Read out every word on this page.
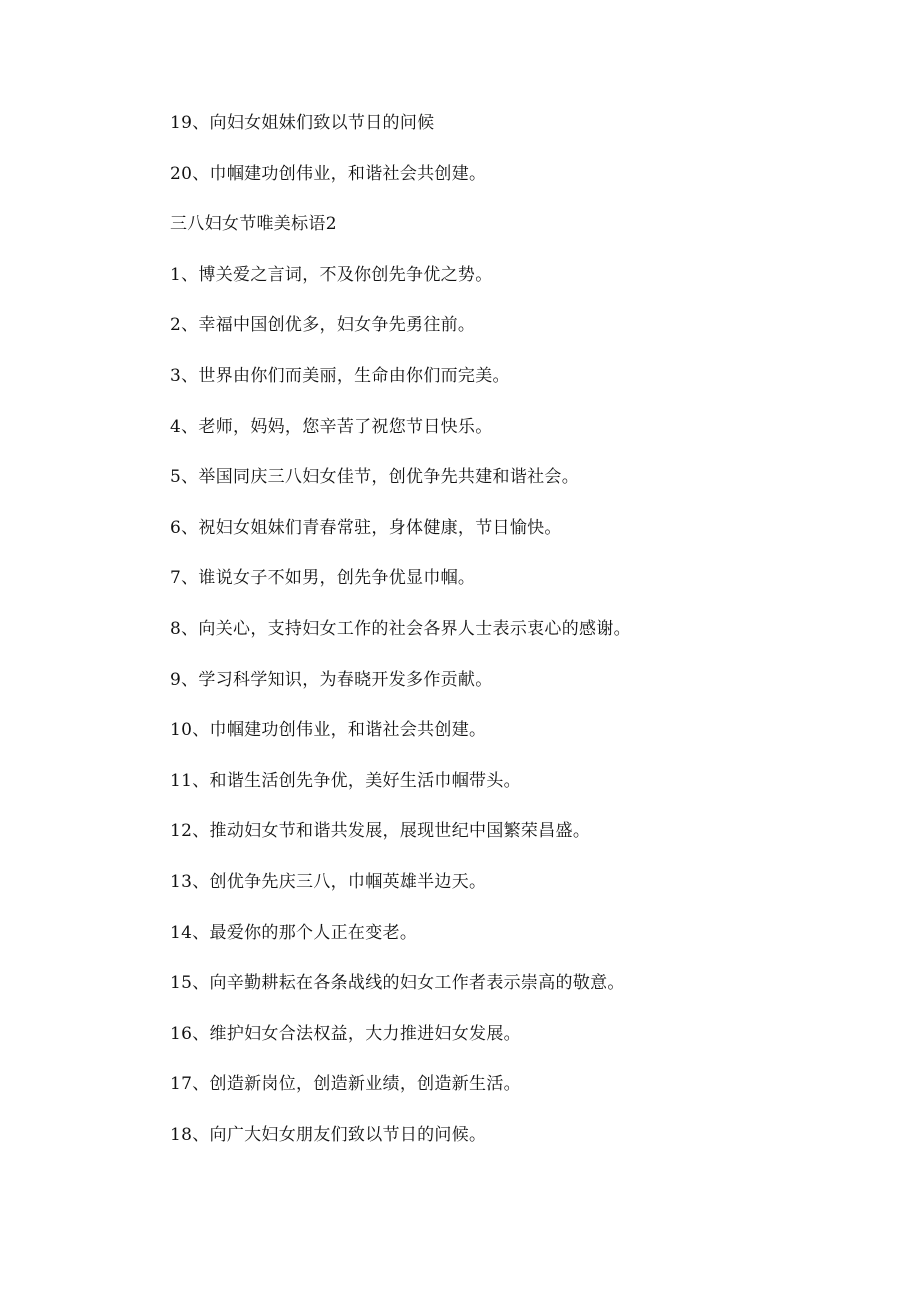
19、向妇女姐妹们致以节日的问候
20、巾帼建功创伟业，和谐社会共创建。
三八妇女节唯美标语2
1、博关爱之言词，不及你创先争优之势。
2、幸福中国创优多，妇女争先勇往前。
3、世界由你们而美丽，生命由你们而完美。
4、老师，妈妈，您辛苦了祝您节日快乐。
5、举国同庆三八妇女佳节，创优争先共建和谐社会。
6、祝妇女姐妹们青春常驻，身体健康，节日愉快。
7、谁说女子不如男，创先争优显巾帼。
8、向关心，支持妇女工作的社会各界人士表示衷心的感谢。
9、学习科学知识，为春晓开发多作贡献。
10、巾帼建功创伟业，和谐社会共创建。
11、和谐生活创先争优，美好生活巾帼带头。
12、推动妇女节和谐共发展，展现世纪中国繁荣昌盛。
13、创优争先庆三八，巾帼英雄半边天。
14、最爱你的那个人正在变老。
15、向辛勤耕耘在各条战线的妇女工作者表示崇高的敬意。
16、维护妇女合法权益，大力推进妇女发展。
17、创造新岗位，创造新业绩，创造新生活。
18、向广大妇女朋友们致以节日的问候。
